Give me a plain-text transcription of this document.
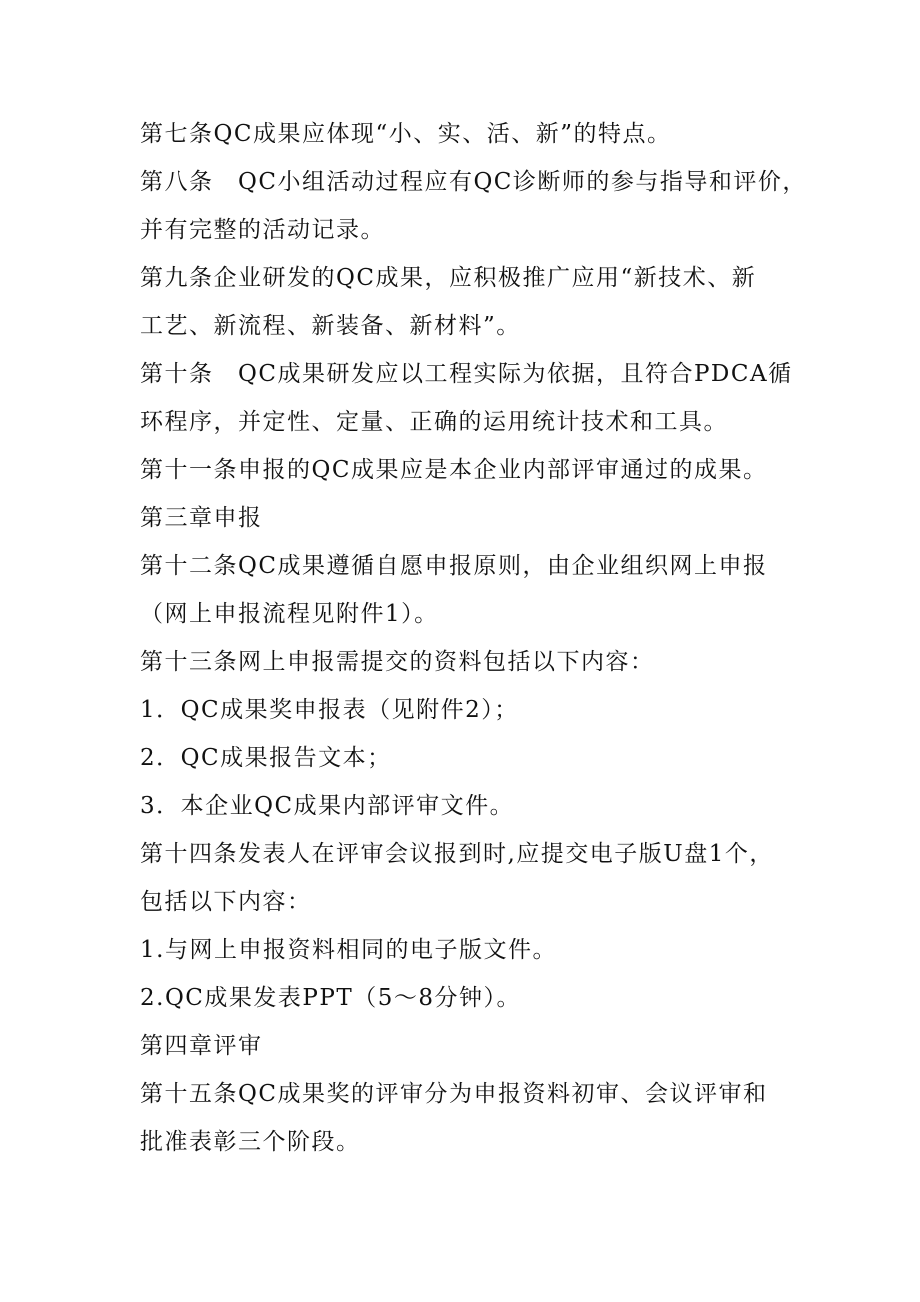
第七条QC成果应体现“小、实、活、新”的特点。
第八条　QC小组活动过程应有QC诊断师的参与指导和评价，
并有完整的活动记录。
第九条企业研发的QC成果，应积极推广应用“新技术、新
工艺、新流程、新装备、新材料”。
第十条　QC成果研发应以工程实际为依据，且符合PDCA循
环程序，并定性、定量、正确的运用统计技术和工具。
第十一条申报的QC成果应是本企业内部评审通过的成果。
第三章申报
第十二条QC成果遵循自愿申报原则，由企业组织网上申报
（网上申报流程见附件1）。
第十三条网上申报需提交的资料包括以下内容：
1．QC成果奖申报表（见附件2）；
2．QC成果报告文本；
3．本企业QC成果内部评审文件。
第十四条发表人在评审会议报到时,应提交电子版U盘1个，
包括以下内容：
1.与网上申报资料相同的电子版文件。
2.QC成果发表PPT（5～8分钟）。
第四章评审
第十五条QC成果奖的评审分为申报资料初审、会议评审和
批准表彰三个阶段。
